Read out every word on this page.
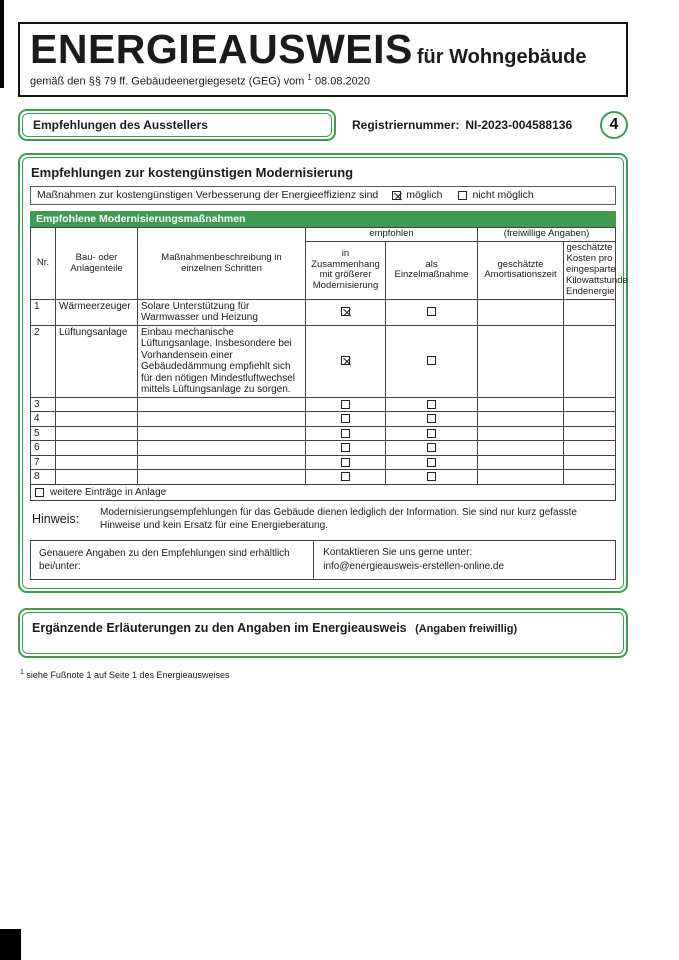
ENERGIEAUSWEIS für Wohngebäude
gemäß den §§ 79 ff. Gebäudeenergiegesetz (GEG) vom $^1$ 08.08.2020
Empfehlungen des Ausstellers	Registriernummer: NI-2023-004588136 4
Empfehlungen zur kostengünstigen Modernisierung
Maßnahmen zur kostengünstigen Verbesserung der Energieeffizienz sind	möglich	nicht möglich
Empfohlene Modernisierungsmaßnahmen
Nr.	Bau- oder Anlagenteile	Maßnahmenbeschreibung in einzelnen Schritten	empfohlen		(freiwillige Angaben)	
			in Zusammenhang mit größerer Modernisierung	als Einzelmaßnahme	geschätzte Amortisationszeit	geschätzte Kosten pro eingesparte Kilowattstunde Endenergie
1	Wärmeerzeuger	Solare Unterstützung für Warmwasser und Heizung				
2	Lüftungsanlage	Einbau mechanische Lüftungsanlage. Insbesondere bei Vorhandensein einer Gebäudedämmung empfiehlt sich für den nötigen Mindestluftwechsel mittels Lüftungsanlage zu sorgen.				
3						
4						
5						
6						
7						
8						
weitere Einträge in Anlage
Hinweis:	Modernisierungsempfehlungen für das Gebäude dienen lediglich der Information. Sie sind nur kurz gefasste Hinweise und kein Ersatz für eine Energieberatung.
Genauere Angaben zu den Empfehlungen sind erhältlich bei/unter:
Kontaktieren Sie uns gerne unter:
info@energieausweis-erstellen-online.de
Ergänzende Erläuterungen zu den Angaben im Energieausweis (Angaben freiwillig)
$^1$ siehe Fußnote 1 auf Seite 1 des Energieausweises
